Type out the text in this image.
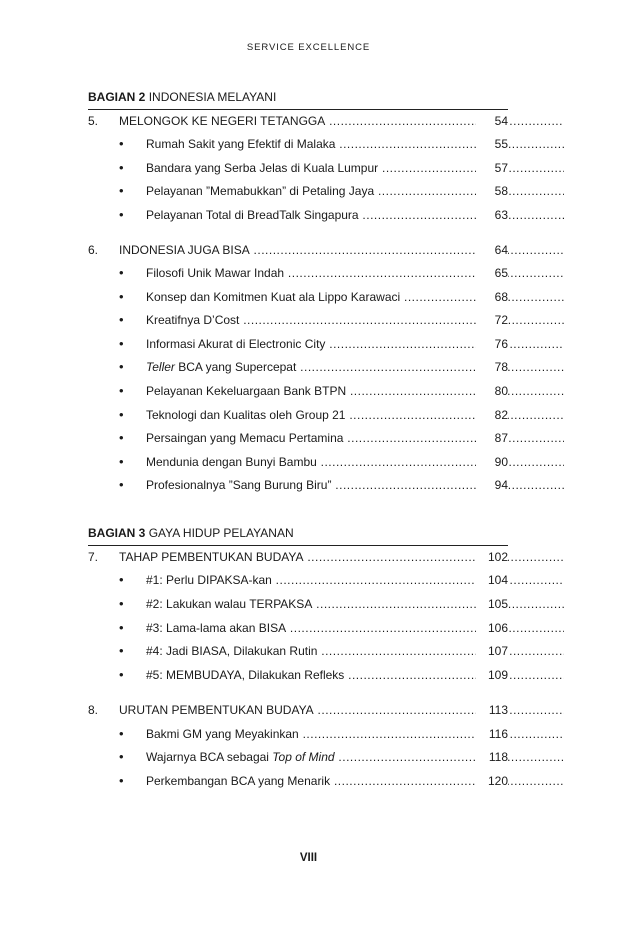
SERVICE EXCELLENCE
BAGIAN 2 INDONESIA MELAYANI
5. MELONGOK KE NEGERI TETANGGA .....	54
• Rumah Sakit yang Efektif di Malaka .....	55
• Bandara yang Serba Jelas di Kuala Lumpur .....	57
• Pelayanan ”Memabukkan” di Petaling Jaya .....	58
• Pelayanan Total di BreadTalk Singapura .....	63
6. INDONESIA JUGA BISA .....	64
• Filosofi Unik Mawar Indah .....	65
• Konsep dan Komitmen Kuat ala Lippo Karawaci .....	68
• Kreatifnya D’Cost .....	72
• Informasi Akurat di Electronic City .....	76
• Teller BCA yang Supercepat .....	78
• Pelayanan Kekeluargaan Bank BTPN .....	80
• Teknologi dan Kualitas oleh Group 21 .....	82
• Persaingan yang Memacu Pertamina .....	87
• Mendunia dengan Bunyi Bambu .....	90
• Profesionalnya ”Sang Burung Biru” .....	94
BAGIAN 3 GAYA HIDUP PELAYANAN
7. TAHAP PEMBENTUKAN BUDAYA .....	102
• #1: Perlu DIPAKSA-kan .....	104
• #2: Lakukan walau TERPAKSA .....	105
• #3: Lama-lama akan BISA .....	106
• #4: Jadi BIASA, Dilakukan Rutin .....	107
• #5: MEMBUDAYA, Dilakukan Refleks .....	109
8. URUTAN PEMBENTUKAN BUDAYA .....	113
• Bakmi GM yang Meyakinkan .....	116
• Wajarnya BCA sebagai Top of Mind .....	118
• Perkembangan BCA yang Menarik .....	120
VIII
